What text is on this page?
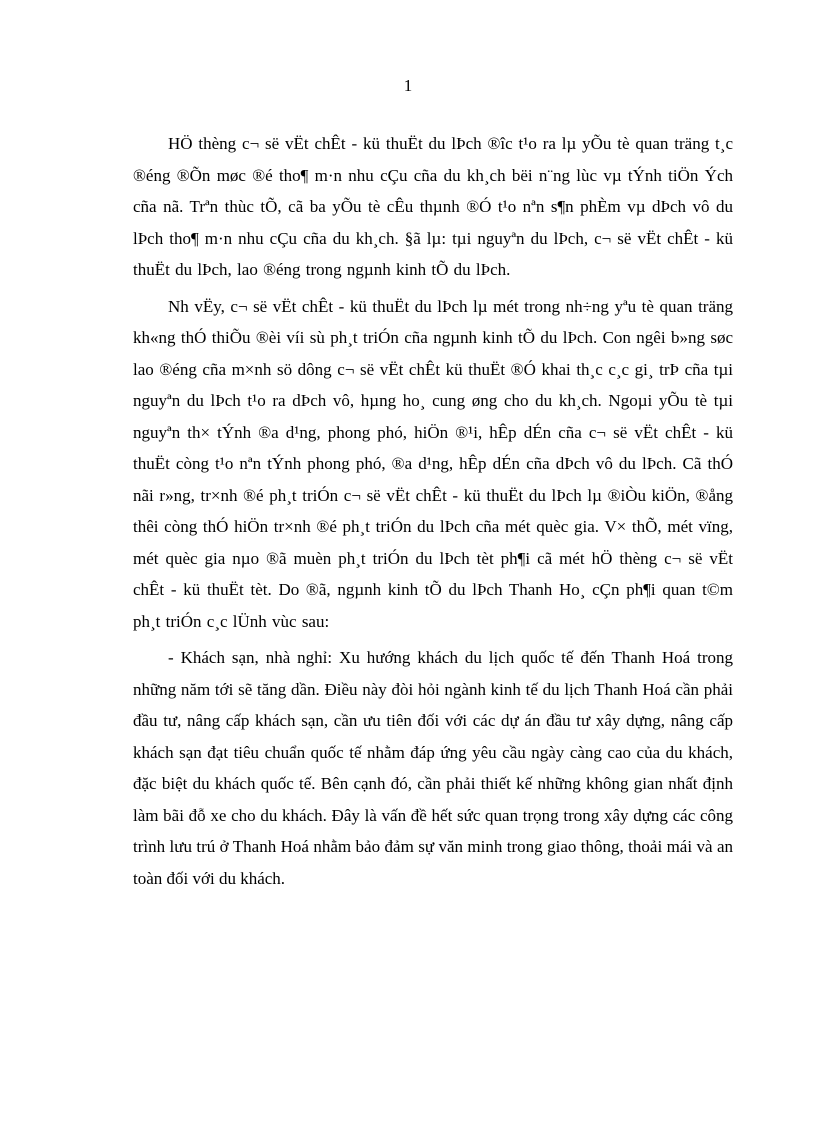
1

HÖ thèng c¬ së vËt chÊt - kü thuËt du lÞch ®îc t¹o ra lµ yÕu tè quan träng t¸c ®éng ®Õn møc ®é tho¶ m·n nhu cÇu cña du kh¸ch bëi n¨ng lùc vµ tÝnh tiÖn Ých cña nã. Trªn thùc tÕ, cã ba yÕu tè cÊu thµnh ®Ó t¹o nªn s¶n phÈm vµ dÞch vô du lÞch tho¶ m·n nhu cÇu cña du kh¸ch. §ã lµ: tµi nguyªn du lÞch, c¬ së vËt chÊt - kü thuËt du lÞch, lao ®éng trong ngµnh kinh tÕ du lÞch.

Nh vËy, c¬ së vËt chÊt - kü thuËt du lÞch lµ mét trong nh÷ng yªu tè quan träng kh«ng thÓ thiÕu ®èi víi sù ph¸t triÓn cña ngµnh kinh tÕ du lÞch. Con ngêi b»ng søc lao ®éng cña m×nh sö dông c¬ së vËt chÊt kü thuËt ®Ó khai th¸c c¸c gi¸ trÞ cña tµi nguyªn du lÞch t¹o ra dÞch vô, hµng ho¸ cung øng cho du kh¸ch. Ngoµi yÕu tè tµi nguyªn th× tÝnh ®a d¹ng, phong phó, hiÖn ®¹i, hÊp dÉn cña c¬ së vËt chÊt - kü thuËt còng t¹o nªn tÝnh phong phó, ®a d¹ng, hÊp dÉn cña dÞch vô du lÞch. Cã thÓ nãi r»ng, tr×nh ®é ph¸t triÓn c¬ së vËt chÊt - kü thuËt du lÞch lµ ®iÒu kiÖn, ®ång thêi còng thÓ hiÖn tr×nh ®é ph¸t triÓn du lÞch cña mét quèc gia. V× thÕ, mét vïng, mét quèc gia nµo ®ã muèn ph¸t triÓn du lÞch tèt ph¶i cã mét hÖ thèng c¬ së vËt chÊt - kü thuËt tèt. Do ®ã, ngµnh kinh tÕ du lÞch Thanh Ho¸ cÇn ph¶i quan t©m ph¸t triÓn c¸c lÜnh vùc sau:

- Khách sạn, nhà nghỉ: Xu hướng khách du lịch quốc tế đến Thanh Hoá trong những năm tới sẽ tăng dần. Điều này đòi hỏi ngành kinh tế du lịch Thanh Hoá cần phải đầu tư, nâng cấp khách sạn, cần ưu tiên đối với các dự án đầu tư xây dựng, nâng cấp khách sạn đạt tiêu chuẩn quốc tế nhằm đáp ứng yêu cầu ngày càng cao của du khách, đặc biệt du khách quốc tế. Bên cạnh đó, cần phải thiết kế những không gian nhất định làm bãi đỗ xe cho du khách. Đây là vấn đề hết sức quan trọng trong xây dựng các công trình lưu trú ở Thanh Hoá nhằm bảo đảm sự văn minh trong giao thông, thoải mái và an toàn đối với du khách.
